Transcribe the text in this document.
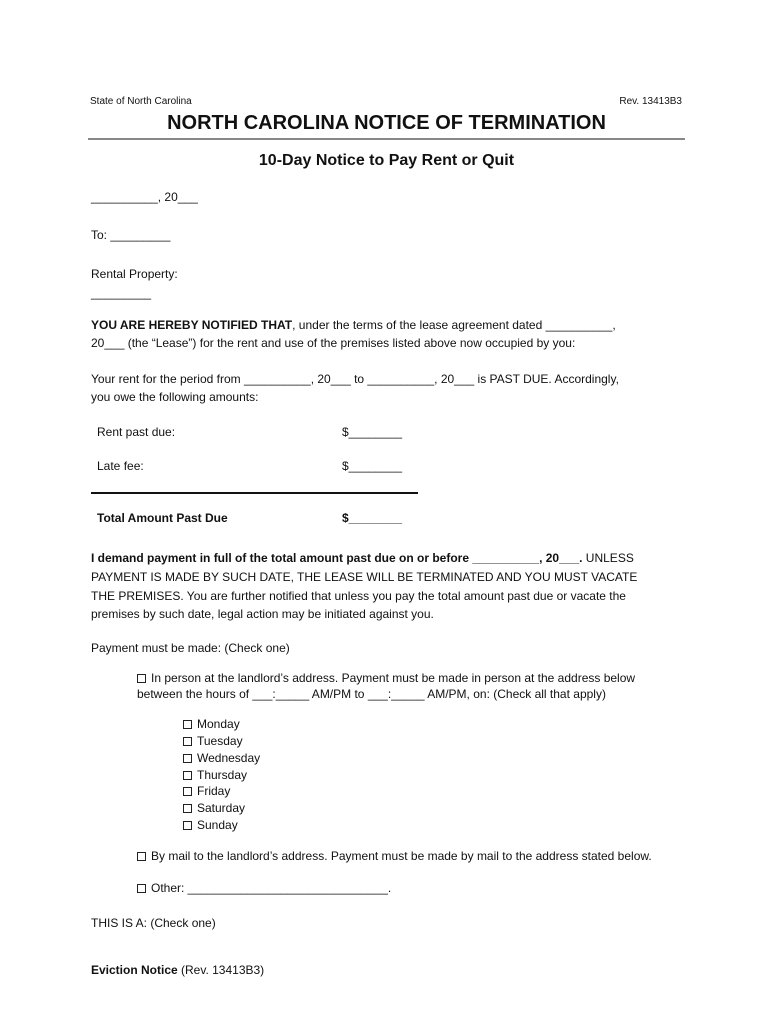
State of North Carolina	Rev. 13413B3
NORTH CAROLINA NOTICE OF TERMINATION
10-Day Notice to Pay Rent or Quit
__________, 20___
To: _________
Rental Property:
_________
YOU ARE HEREBY NOTIFIED THAT, under the terms of the lease agreement dated __________,
20___ (the “Lease”) for the rent and use of the premises listed above now occupied by you:
Your rent for the period from __________, 20___ to __________, 20___ is PAST DUE. Accordingly,
you owe the following amounts:
Rent past due:	$________
Late fee:	$________
Total Amount Past Due	$________
I demand payment in full of the total amount past due on or before __________, 20___. UNLESS
PAYMENT IS MADE BY SUCH DATE, THE LEASE WILL BE TERMINATED AND YOU MUST VACATE
THE PREMISES. You are further notified that unless you pay the total amount past due or vacate the
premises by such date, legal action may be initiated against you.
Payment must be made: (Check one)
In person at the landlord’s address. Payment must be made in person at the address below
between the hours of ___:_____ AM/PM to ___:_____ AM/PM, on: (Check all that apply)
Monday
Tuesday
Wednesday
Thursday
Friday
Saturday
Sunday
By mail to the landlord’s address. Payment must be made by mail to the address stated below.
Other: ______________________________.
THIS IS A: (Check one)
Eviction Notice (Rev. 13413B3)
